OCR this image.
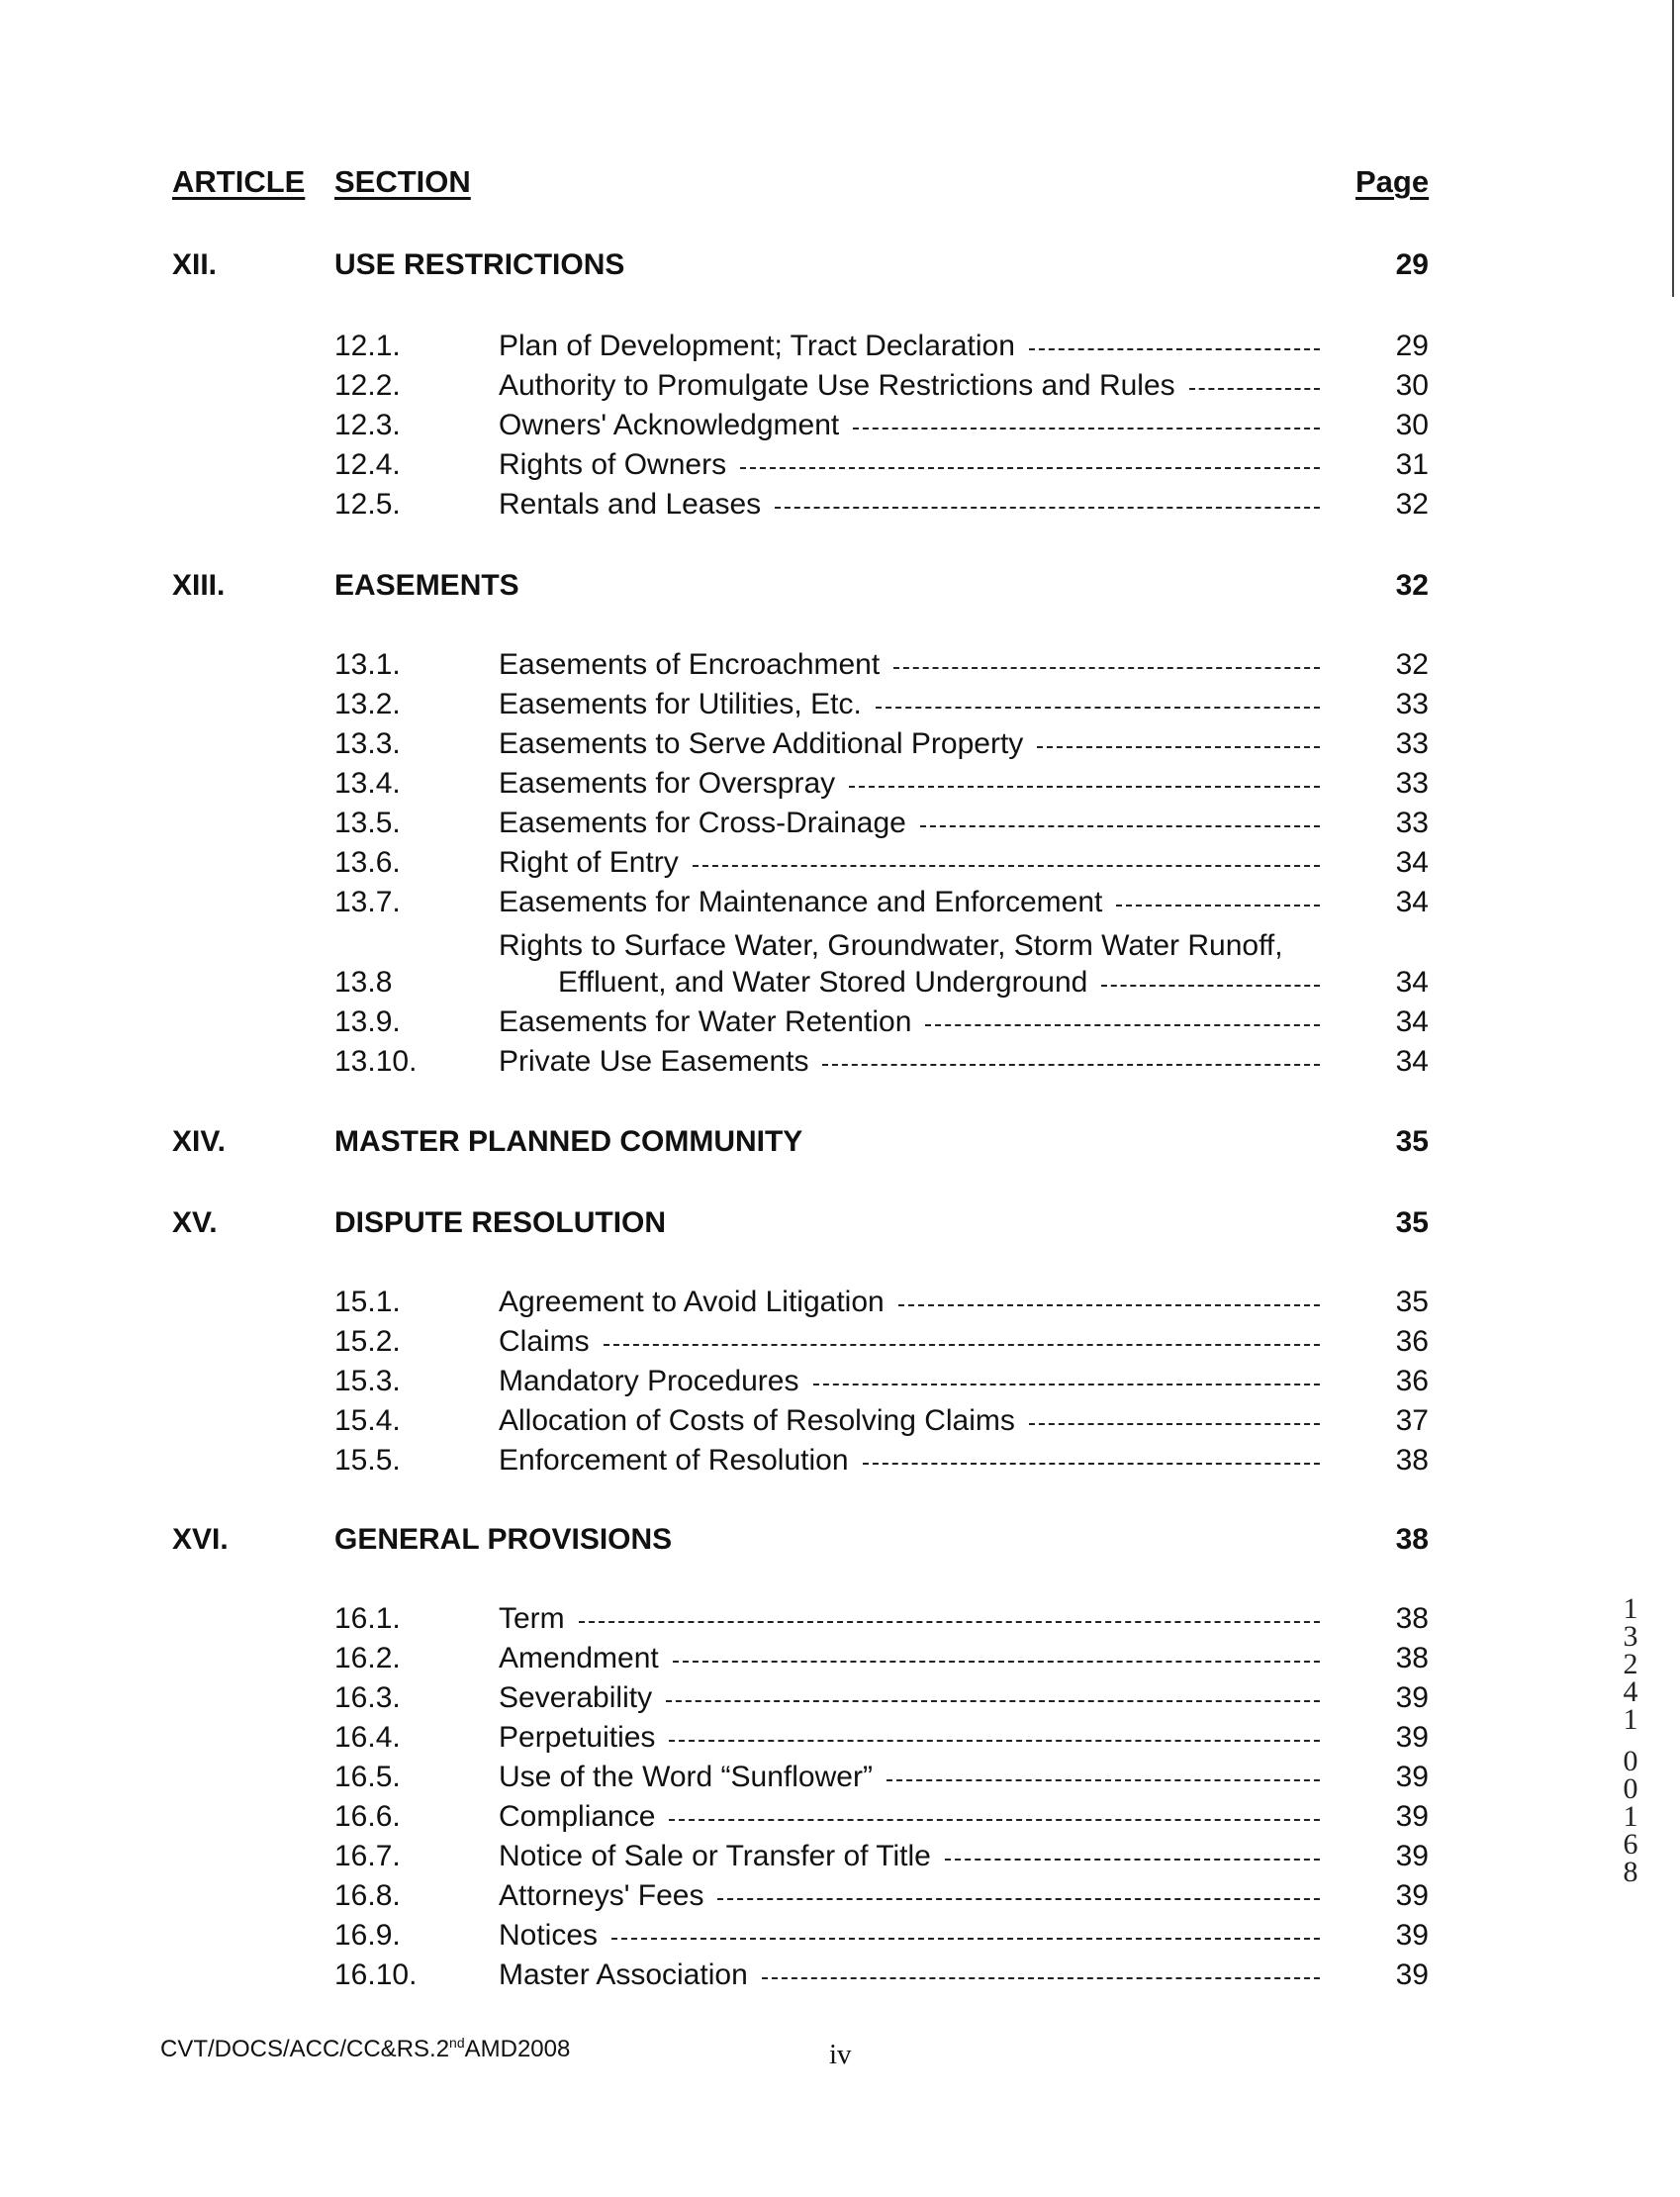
ARTICLE SECTION	Page
XII.	USE RESTRICTIONS	29
12.1.	Plan of Development; Tract Declaration	29
12.2.	Authority to Promulgate Use Restrictions and Rules	30
12.3.	Owners' Acknowledgment	30
12.4.	Rights of Owners	31
12.5.	Rentals and Leases	32
XIII.	EASEMENTS	32
13.1.	Easements of Encroachment	32
13.2.	Easements for Utilities, Etc.	33
13.3.	Easements to Serve Additional Property	33
13.4.	Easements for Overspray	33
13.5.	Easements for Cross-Drainage	33
13.6.	Right of Entry	34
13.7.	Easements for Maintenance and Enforcement	34
Rights to Surface Water, Groundwater, Storm Water Runoff,
13.8	Effluent, and Water Stored Underground	34
13.9.	Easements for Water Retention	34
13.10.	Private Use Easements	34
XIV.	MASTER PLANNED COMMUNITY	35
XV.	DISPUTE RESOLUTION	35
15.1.	Agreement to Avoid Litigation	35
15.2.	Claims	36
15.3.	Mandatory Procedures	36
15.4.	Allocation of Costs of Resolving Claims	37
15.5.	Enforcement of Resolution	38
XVI.	GENERAL PROVISIONS	38
16.1.	Term	38
16.2.	Amendment	38
16.3.	Severability	39
16.4.	Perpetuities	39
16.5.	Use of the Word “Sunflower”	39
16.6.	Compliance	39
16.7.	Notice of Sale or Transfer of Title	39
16.8.	Attorneys' Fees	39
16.9.	Notices	39
16.10.	Master Association	39
CVT/DOCS/ACC/CC&RS.2ndAMD2008	iv
1
3
2
4
1
0
0
1
6
8
